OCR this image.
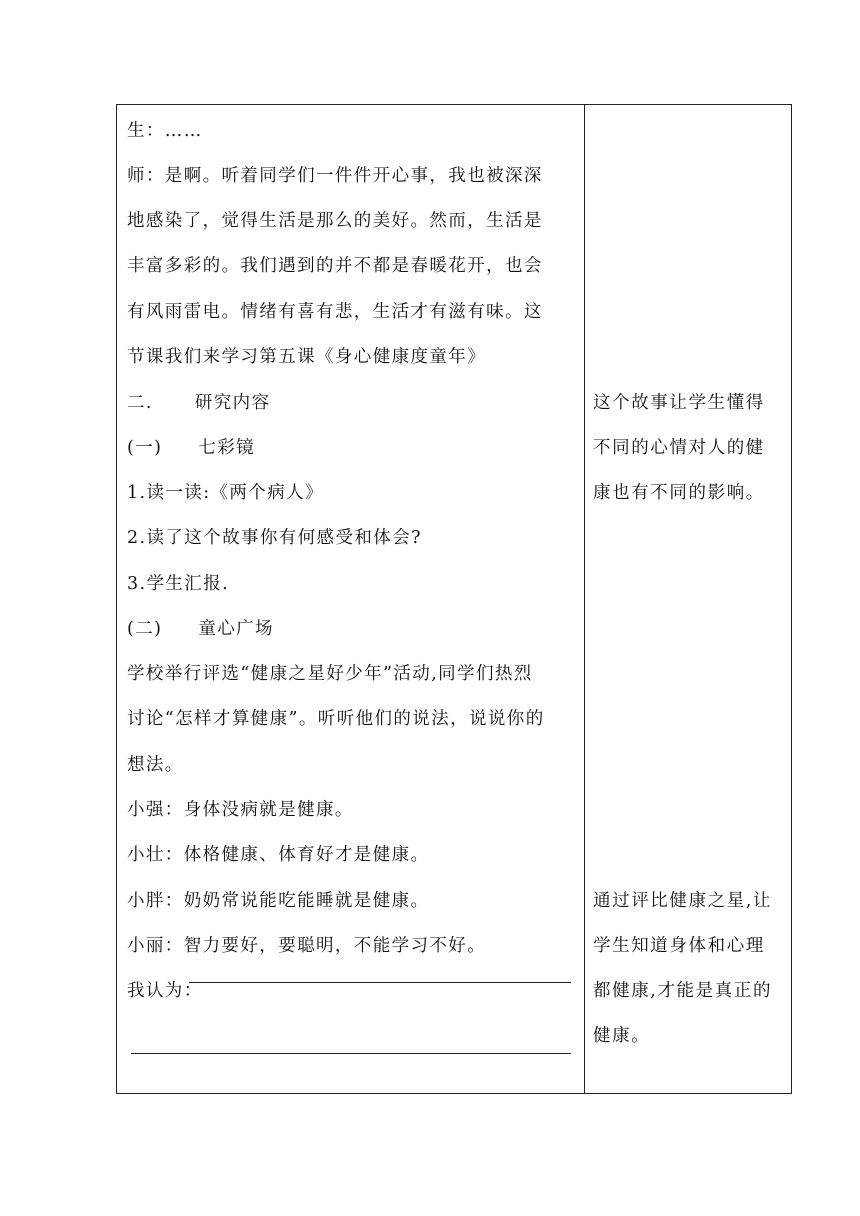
生：……
师：是啊。听着同学们一件件开心事，我也被深深
地感染了，觉得生活是那么的美好。然而，生活是
丰富多彩的。我们遇到的并不都是春暖花开，也会
有风雨雷电。情绪有喜有悲，生活才有滋有味。这
节课我们来学习第五课《身心健康度童年》
二. 研究内容
(一) 七彩镜
1.读一读:《两个病人》
2.读了这个故事你有何感受和体会?
3.学生汇报.
(二) 童心广场
学校举行评选“健康之星好少年”活动,同学们热烈
讨论“怎样才算健康”。听听他们的说法，说说你的
想法。
小强：身体没病就是健康。
小壮：体格健康、体育好才是健康。
小胖：奶奶常说能吃能睡就是健康。
小丽：智力要好，要聪明，不能学习不好。
我认为：
这个故事让学生懂得
不同的心情对人的健
康也有不同的影响。
通过评比健康之星,让
学生知道身体和心理
都健康,才能是真正的
健康。
